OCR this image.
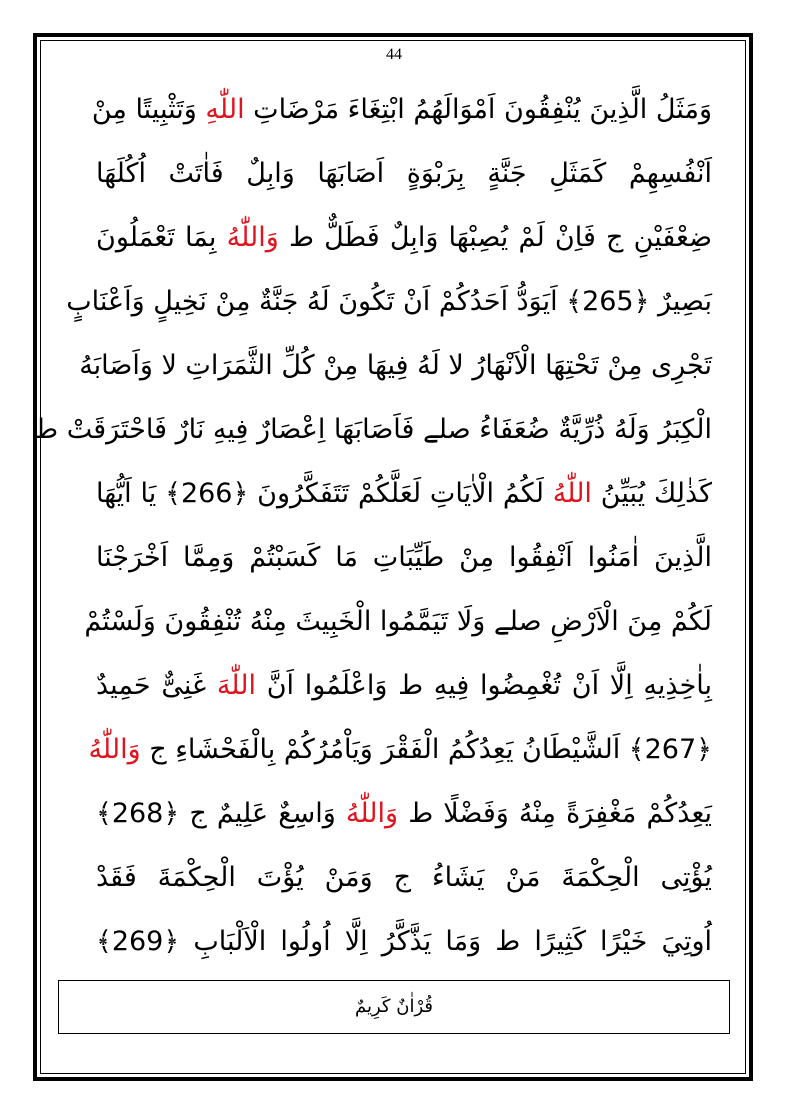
44
وَمَثَلُ الَّذِينَ يُنْفِقُونَ اَمْوَالَهُمُ ابْتِغَاءَ مَرْضَاتِ اللّٰهِ وَتَثْبِيتًا مِنْ
اَنْفُسِهِمْ كَمَثَلِ جَنَّةٍ بِرَبْوَةٍ اَصَابَهَا وَابِلٌ فَاٰتَتْ اُكُلَهَا
ضِعْفَيْنِ ج فَاِنْ لَمْ يُصِبْهَا وَابِلٌ فَطَلٌّ ط وَاللّٰهُ بِمَا تَعْمَلُونَ
بَصِيرٌ ﴿265﴾ اَيَوَدُّ اَحَدُكُمْ اَنْ تَكُونَ لَهُ جَنَّةٌ مِنْ نَخِيلٍ وَاَعْنَابٍ
تَجْرِى مِنْ تَحْتِهَا الْاَنْهَارُ لا لَهُ فِيهَا مِنْ كُلِّ الثَّمَرَاتِ لا وَاَصَابَهُ
الْكِبَرُ وَلَهُ ذُرِّيَّةٌ ضُعَفَاءُ صلے فَاَصَابَهَا اِعْصَارٌ فِيهِ نَارٌ فَاحْتَرَقَتْ ط
كَذٰلِكَ يُبَيِّنُ اللّٰهُ لَكُمُ الْاٰيَاتِ لَعَلَّكُمْ تَتَفَكَّرُونَ ﴿266﴾ يَا اَيُّهَا
الَّذِينَ اٰمَنُوا اَنْفِقُوا مِنْ طَيِّبَاتِ مَا كَسَبْتُمْ وَمِمَّا اَخْرَجْنَا
لَكُمْ مِنَ الْاَرْضِ صلے وَلَا تَيَمَّمُوا الْخَبِيثَ مِنْهُ تُنْفِقُونَ وَلَسْتُمْ
بِاٰخِذِيهِ اِلَّا اَنْ تُغْمِضُوا فِيهِ ط وَاعْلَمُوا اَنَّ اللّٰهَ غَنِىٌّ حَمِيدٌ
﴿267﴾ اَلشَّيْطَانُ يَعِدُكُمُ الْفَقْرَ وَيَاْمُرُكُمْ بِالْفَحْشَاءِ ج وَاللّٰهُ
يَعِدُكُمْ مَغْفِرَةً مِنْهُ وَفَضْلًا ط وَاللّٰهُ وَاسِعٌ عَلِيمٌ ج ﴿268﴾
يُؤْتِى الْحِكْمَةَ مَنْ يَشَاءُ ج وَمَنْ يُؤْتَ الْحِكْمَةَ فَقَدْ
اُوتِيَ خَيْرًا كَثِيرًا ط وَمَا يَذَّكَّرُ اِلَّا اُولُوا الْاَلْبَابِ ﴿269﴾
قُرْاٰنٌ كَرِيمٌ
